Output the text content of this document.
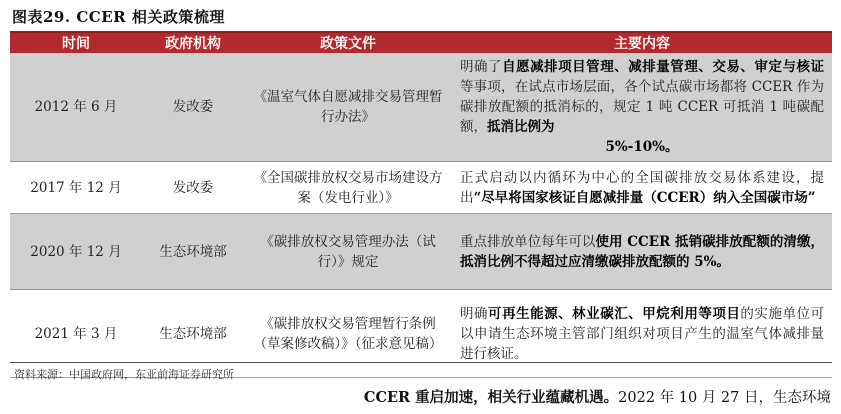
图表29. CCER 相关政策梳理
时间	政府机构	政策文件	主要内容
2012 年 6 月	发改委	《温室气体自愿减排交易管理暂行办法》	明确了自愿减排项目管理、减排量管理、交易、审定与核证等事项，在试点市场层面，各个试点碳市场都将 CCER 作为碳排放配额的抵消标的，规定 1 吨 CCER 可抵消 1 吨碳配额，抵消比例为
5%-10%。

2017 年 12 月	发改委	《全国碳排放权交易市场建设方案（发电行业）》	正式启动以内循环为中心的全国碳排放交易体系建设，提出“尽早将国家核证自愿减排量（CCER）纳入全国碳市场”
2020 年 12 月	生态环境部	《碳排放权交易管理办法（试行）》规定	重点排放单位每年可以使用 CCER 抵销碳排放配额的清缴，抵消比例不得超过应清缴碳排放配额的 5%。
2021 年 3 月	生态环境部	《碳排放权交易管理暂行条例（草案修改稿）》（征求意见稿）	明确可再生能源、林业碳汇、甲烷利用等项目的实施单位可以申请生态环境主管部门组织对项目产生的温室气体减排量进行核证。
资料来源：中国政府网，东亚前海证券研究所
CCER 重启加速，相关行业蕴藏机遇。2022 年 10 月 27 日，生态环境
